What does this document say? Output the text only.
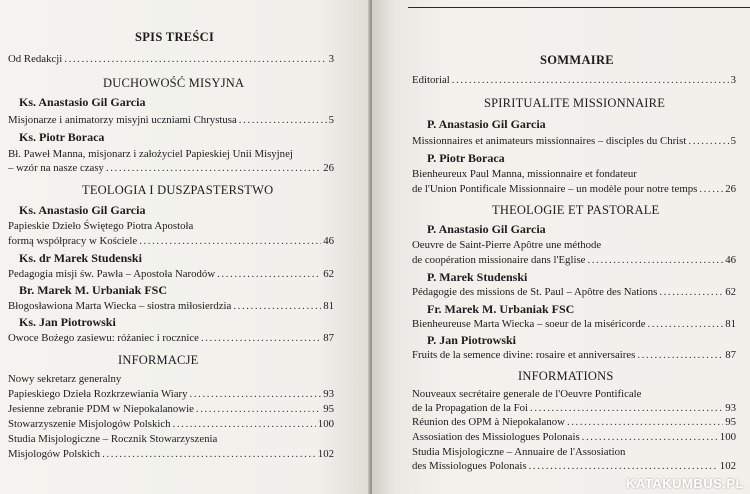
SPIS TREŚCI
Od Redakcji .....	3
DUCHOWOŚĆ MISYJNA
Ks. Anastasio Gil Garcia
Misjonarze i animatorzy misyjni uczniami Chrystusa .....	5
Ks. Piotr Boraca
Bł. Paweł Manna, misjonarz i założyciel Papieskiej Unii Misyjnej
– wzór na nasze czasy .....	26
TEOLOGIA I DUSZPASTERSTWO
Ks. Anastasio Gil Garcia
Papieskie Dzieło Świętego Piotra Apostoła
formą współpracy w Kościele .....	46
Ks. dr Marek Studenski
Pedagogia misji św. Pawła – Apostoła Narodów .....	62
Br. Marek M. Urbaniak FSC
Błogosławiona Marta Wiecka – siostra miłosierdzia .....	81
Ks. Jan Piotrowski
Owoce Bożego zasiewu: różaniec i rocznice .....	87
INFORMACJE
Nowy sekretarz generalny
Papieskiego Dzieła Rozkrzewiania Wiary .....	93
Jesienne zebranie PDM w Niepokalanowie .....	95
Stowarzyszenie Misjologów Polskich .....	100
Studia Misjologiczne – Rocznik Stowarzyszenia
Misjologów Polskich .....	102
SOMMAIRE
Editorial .....	3
SPIRITUALITE MISSIONNAIRE
P. Anastasio Gil Garcia
Missionnaires et animateurs missionnaires – disciples du Christ .....	5
P. Piotr Boraca
Bienheureux Paul Manna, missionnaire et fondateur
de l'Union Pontificale Missionnaire – un modèle pour notre temps .....	26
THEOLOGIE ET PASTORALE
P. Anastasio Gil Garcia
Oeuvre de Saint-Pierre Apôtre une méthode
de coopération missionaire dans l'Eglise .....	46
P. Marek Studenski
Pédagogie des missions de St. Paul – Apôtre des Nations .....	62
Fr. Marek M. Urbaniak FSC
Bienheureuse Marta Wiecka – soeur de la miséricorde .....	81
P. Jan Piotrowski
Fruits de la semence divine: rosaire et anniversaires .....	87
INFORMATIONS
Nouveaux secrétaire generale de l'Oeuvre Pontificale
de la Propagation de la Foi .....	93
Réunion des OPM à Niepokalanow .....	95
Assosiation des Missiologues Polonais .....	100
Studia Misjologiczne – Annuaire de l'Assosiation
des Missiologues Polonais .....	102
KATAKUMBUS.PL
